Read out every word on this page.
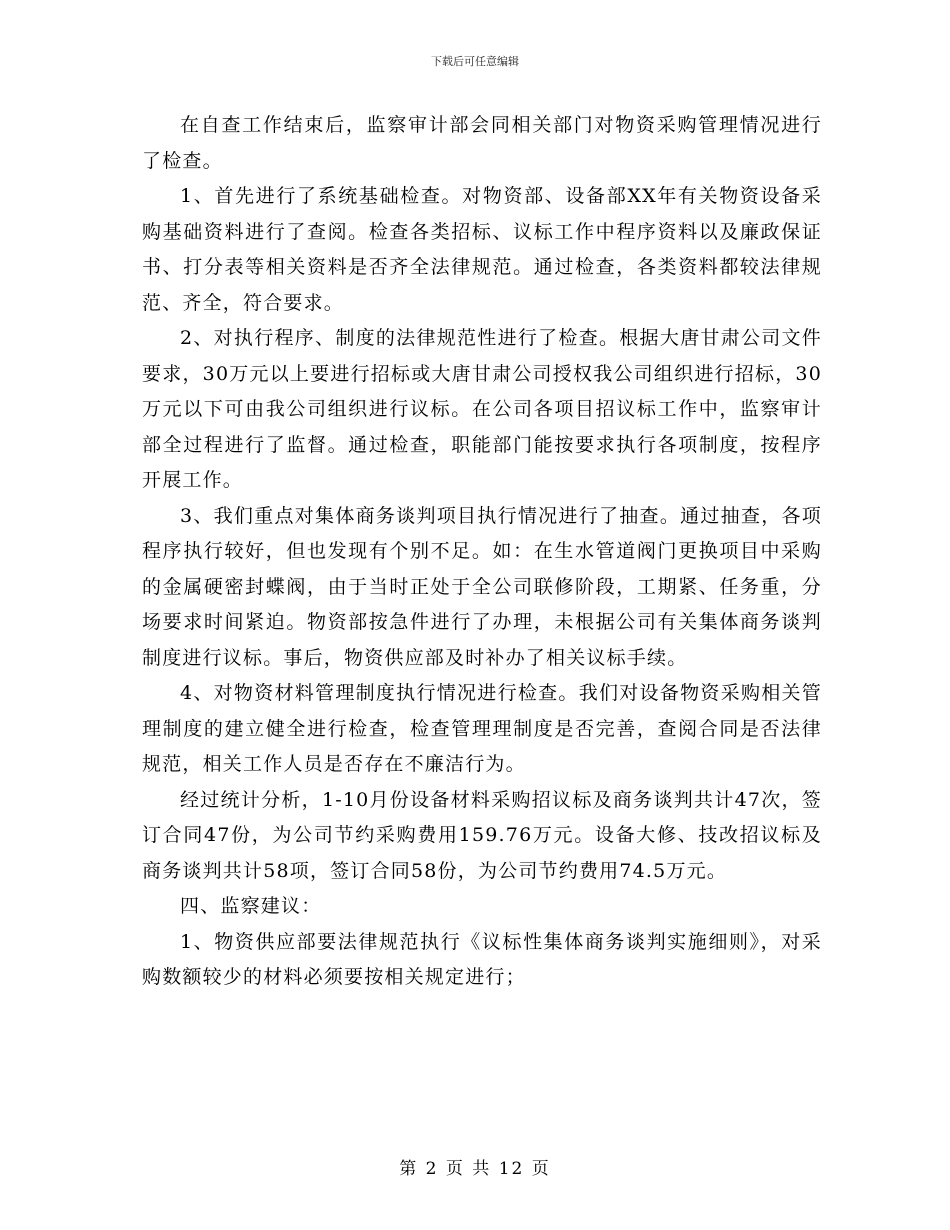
下载后可任意编辑

在自查工作结束后，监察审计部会同相关部门对物资采购管理情况进行了检查。

1、首先进行了系统基础检查。对物资部、设备部XX年有关物资设备采购基础资料进行了查阅。检查各类招标、议标工作中程序资料以及廉政保证书、打分表等相关资料是否齐全法律规范。通过检查，各类资料都较法律规范、齐全，符合要求。

2、对执行程序、制度的法律规范性进行了检查。根据大唐甘肃公司文件要求，30万元以上要进行招标或大唐甘肃公司授权我公司组织进行招标，30万元以下可由我公司组织进行议标。在公司各项目招议标工作中，监察审计部全过程进行了监督。通过检查，职能部门能按要求执行各项制度，按程序开展工作。

3、我们重点对集体商务谈判项目执行情况进行了抽查。通过抽查，各项程序执行较好，但也发现有个别不足。如：在生水管道阀门更换项目中采购的金属硬密封蝶阀，由于当时正处于全公司联修阶段，工期紧、任务重，分场要求时间紧迫。物资部按急件进行了办理，未根据公司有关集体商务谈判制度进行议标。事后，物资供应部及时补办了相关议标手续。

4、对物资材料管理制度执行情况进行检查。我们对设备物资采购相关管理制度的建立健全进行检查，检查管理理制度是否完善，查阅合同是否法律规范，相关工作人员是否存在不廉洁行为。

经过统计分析，1-10月份设备材料采购招议标及商务谈判共计47次，签订合同47份，为公司节约采购费用159.76万元。设备大修、技改招议标及商务谈判共计58项，签订合同58份，为公司节约费用74.5万元。

四、监察建议：

1、物资供应部要法律规范执行《议标性集体商务谈判实施细则》，对采购数额较少的材料必须要按相关规定进行；

第 2 页 共 12 页
